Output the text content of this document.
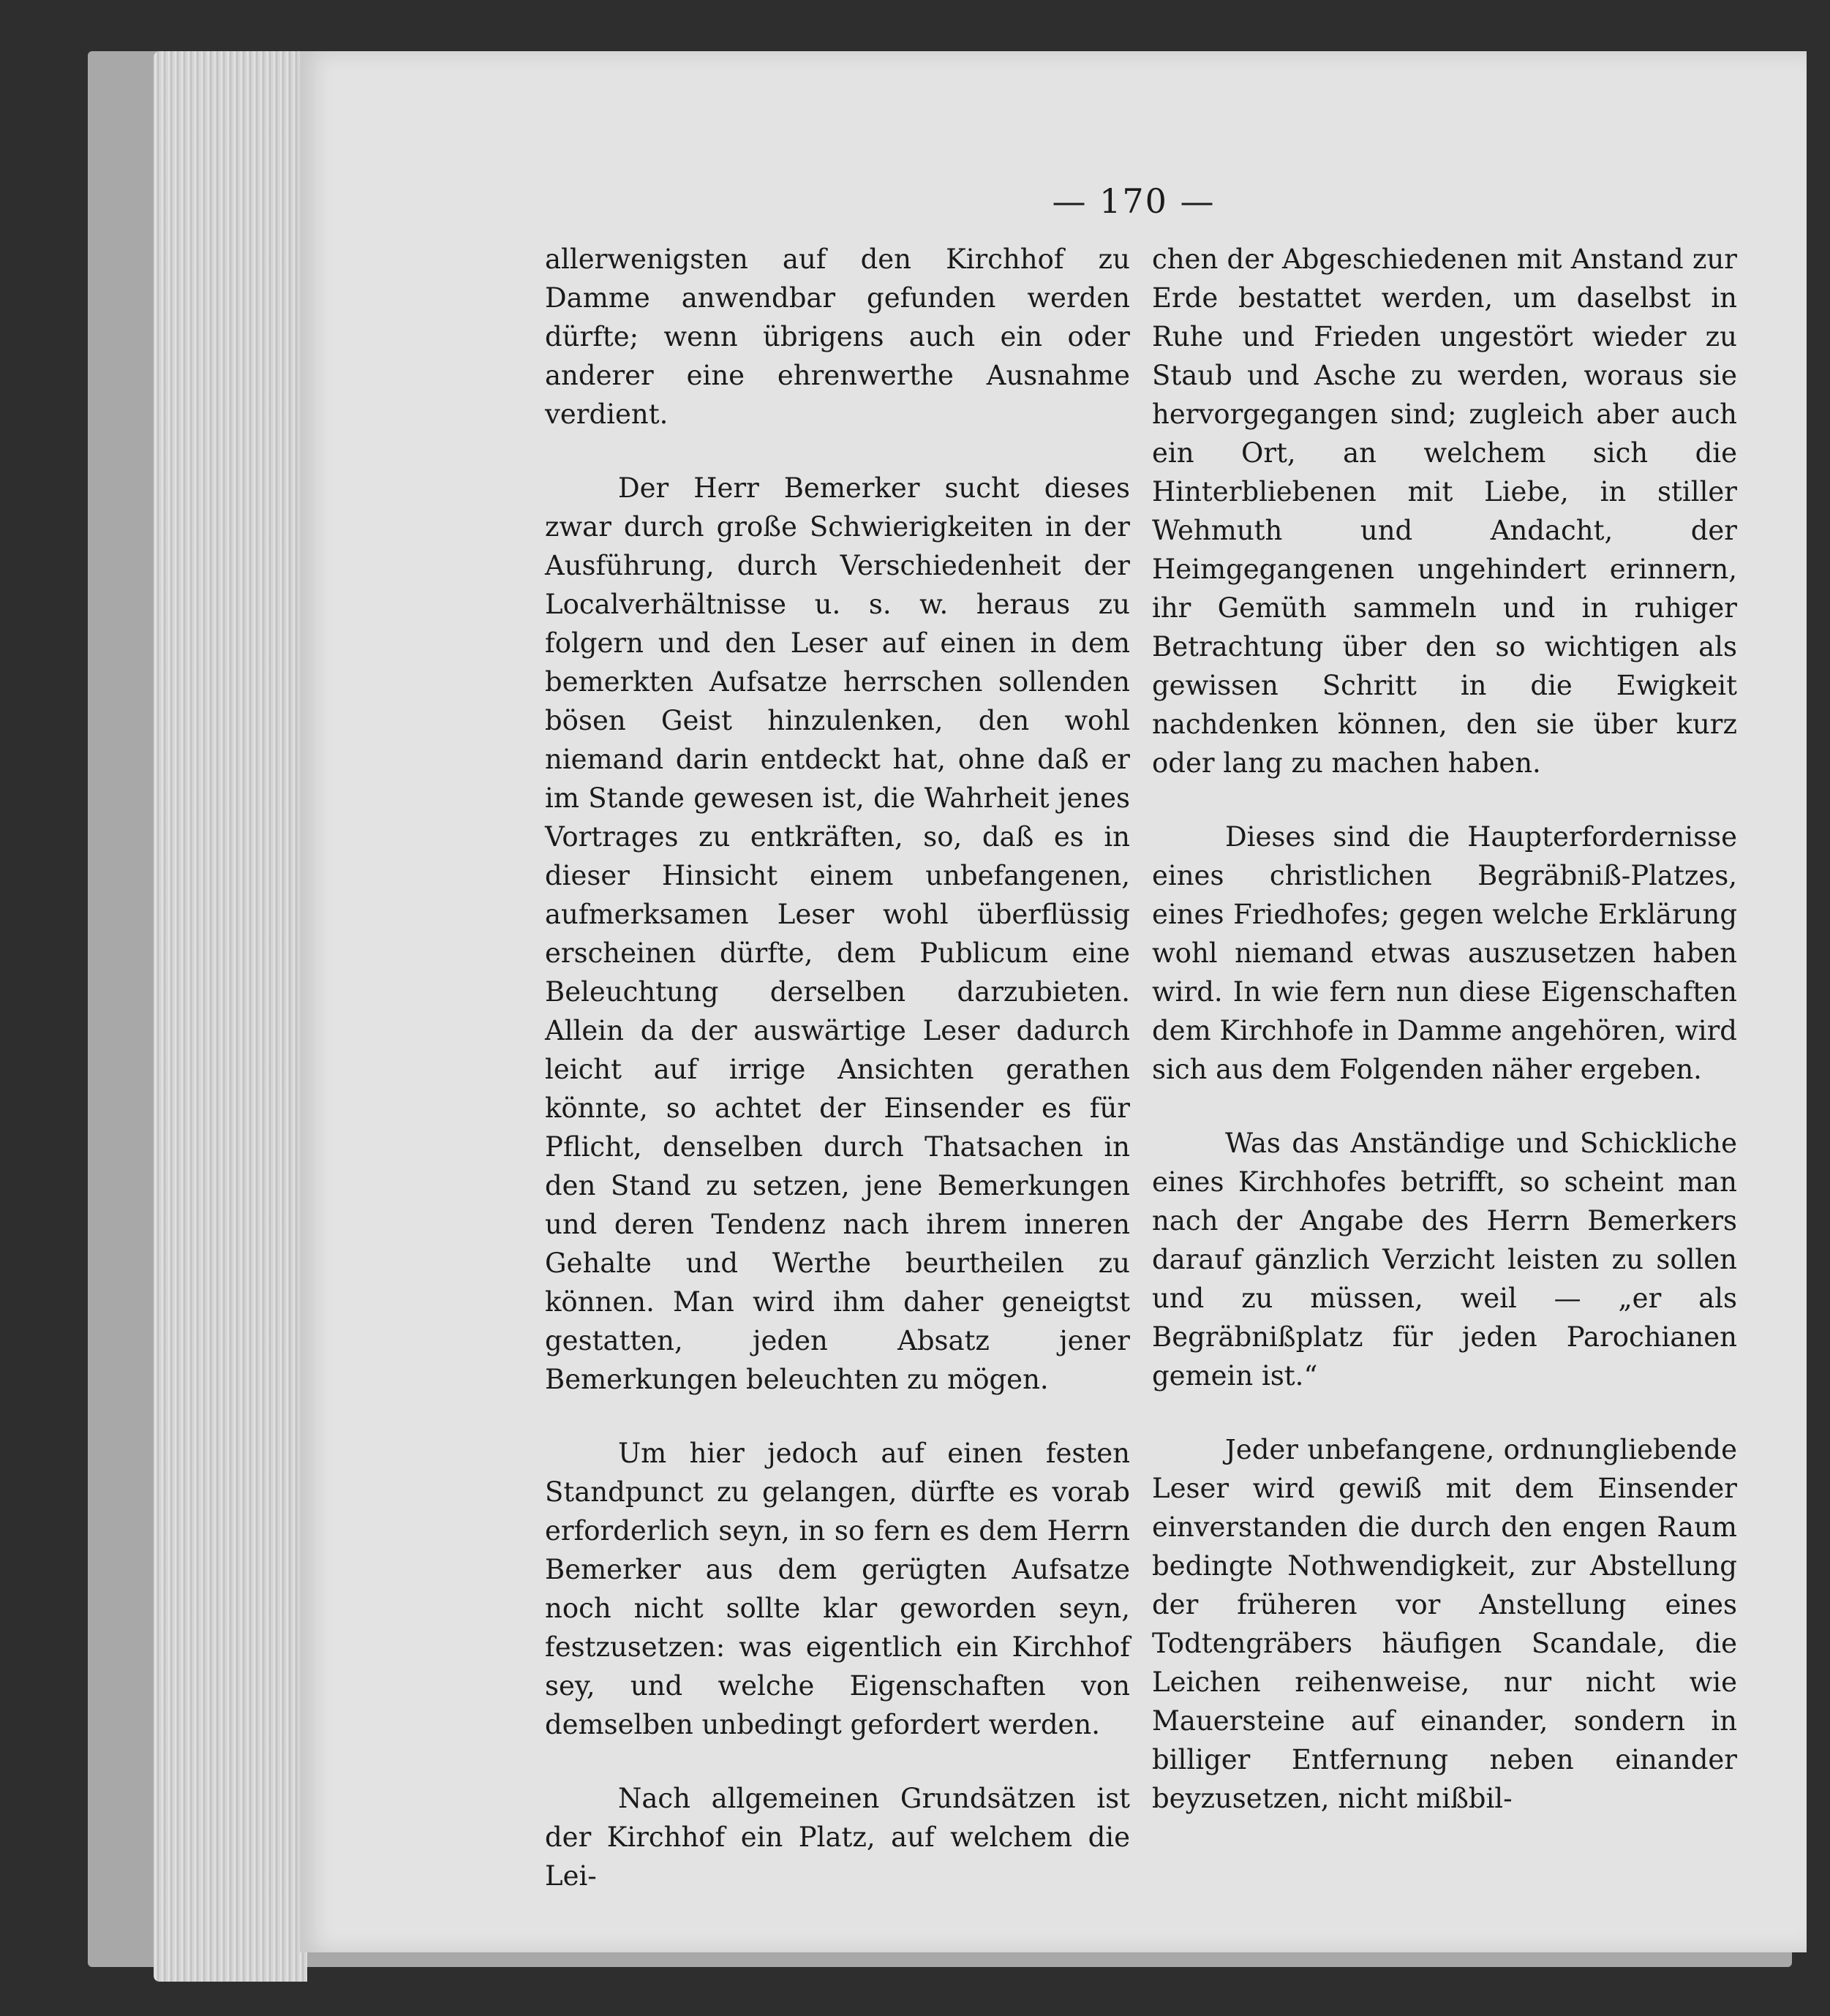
— 170 —

allerwenigsten auf den Kirchhof zu Damme anwendbar gefunden werden dürfte; wenn übrigens auch ein oder anderer eine ehrenwerthe Ausnahme verdient.

Der Herr Bemerker sucht dieses zwar durch große Schwierigkeiten in der Ausführung, durch Verschiedenheit der Localverhältnisse u. s. w. heraus zu folgern und den Leser auf einen in dem bemerkten Aufsatze herrschen sollenden bösen Geist hinzulenken, den wohl niemand darin entdeckt hat, ohne daß er im Stande gewesen ist, die Wahrheit jenes Vortrages zu entkräften, so, daß es in dieser Hinsicht einem unbefangenen, aufmerksamen Leser wohl überflüssig erscheinen dürfte, dem Publicum eine Beleuchtung derselben darzubieten. Allein da der auswärtige Leser dadurch leicht auf irrige Ansichten gerathen könnte, so achtet der Einsender es für Pflicht, denselben durch Thatsachen in den Stand zu setzen, jene Bemerkungen und deren Tendenz nach ihrem inneren Gehalte und Werthe beurtheilen zu können. Man wird ihm daher geneigtst gestatten, jeden Absatz jener Bemerkungen beleuchten zu mögen.

Um hier jedoch auf einen festen Standpunct zu gelangen, dürfte es vorab erforderlich seyn, in so fern es dem Herrn Bemerker aus dem gerügten Aufsatze noch nicht sollte klar geworden seyn, festzusetzen: was eigentlich ein Kirchhof sey, und welche Eigenschaften von demselben unbedingt gefordert werden.

Nach allgemeinen Grundsätzen ist der Kirchhof ein Platz, auf welchem die Lei-

chen der Abgeschiedenen mit Anstand zur Erde bestattet werden, um daselbst in Ruhe und Frieden ungestört wieder zu Staub und Asche zu werden, woraus sie hervorgegangen sind; zugleich aber auch ein Ort, an welchem sich die Hinterbliebenen mit Liebe, in stiller Wehmuth und Andacht, der Heimgegangenen ungehindert erinnern, ihr Gemüth sammeln und in ruhiger Betrachtung über den so wichtigen als gewissen Schritt in die Ewigkeit nachdenken können, den sie über kurz oder lang zu machen haben.

Dieses sind die Haupterfordernisse eines christlichen Begräbniß-Platzes, eines Friedhofes; gegen welche Erklärung wohl niemand etwas auszusetzen haben wird. In wie fern nun diese Eigenschaften dem Kirchhofe in Damme angehören, wird sich aus dem Folgenden näher ergeben.

Was das Anständige und Schickliche eines Kirchhofes betrifft, so scheint man nach der Angabe des Herrn Bemerkers darauf gänzlich Verzicht leisten zu sollen und zu müssen, weil — „er als Begräbnißplatz für jeden Parochianen gemein ist.“

Jeder unbefangene, ordnungliebende Leser wird gewiß mit dem Einsender einverstanden die durch den engen Raum bedingte Nothwendigkeit, zur Abstellung der früheren vor Anstellung eines Todtengräbers häufigen Scandale, die Leichen reihenweise, nur nicht wie Mauersteine auf einander, sondern in billiger Entfernung neben einander beyzusetzen, nicht mißbil-
